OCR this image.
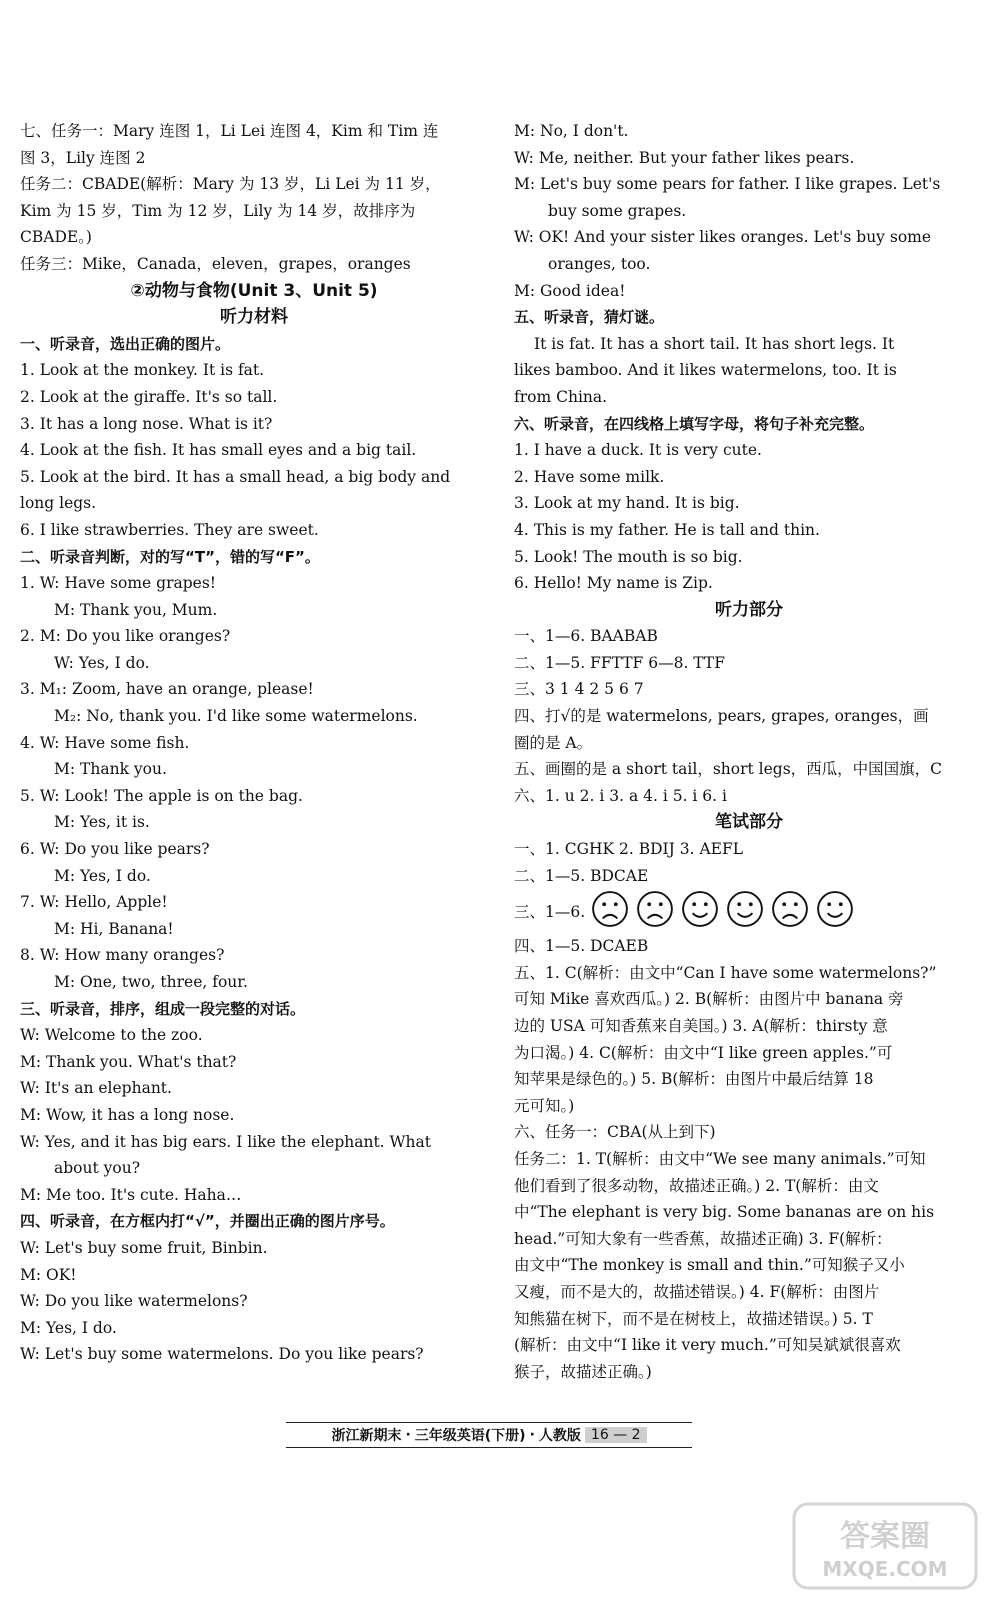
七、任务一：Mary 连图 1，Li Lei 连图 4，Kim 和 Tim 连
图 3，Lily 连图 2
任务二：CBADE(解析：Mary 为 13 岁，Li Lei 为 11 岁，
Kim 为 15 岁，Tim 为 12 岁，Lily 为 14 岁，故排序为
CBADE。)
任务三：Mike，Canada，eleven，grapes，oranges
②动物与食物(Unit 3、Unit 5)
听力材料
一、听录音，选出正确的图片。
1. Look at the monkey. It is fat.
2. Look at the giraffe. It's so tall.
3. It has a long nose. What is it?
4. Look at the fish. It has small eyes and a big tail.
5. Look at the bird. It has a small head, a big body and
long legs.
6. I like strawberries. They are sweet.
二、听录音判断，对的写“T”，错的写“F”。
1. W: Have some grapes!
M: Thank you, Mum.
2. M: Do you like oranges?
W: Yes, I do.
3. M₁: Zoom, have an orange, please!
M₂: No, thank you. I'd like some watermelons.
4. W: Have some fish.
M: Thank you.
5. W: Look! The apple is on the bag.
M: Yes, it is.
6. W: Do you like pears?
M: Yes, I do.
7. W: Hello, Apple!
M: Hi, Banana!
8. W: How many oranges?
M: One, two, three, four.
三、听录音，排序，组成一段完整的对话。
W: Welcome to the zoo.
M: Thank you. What's that?
W: It's an elephant.
M: Wow, it has a long nose.
W: Yes, and it has big ears. I like the elephant. What
about you?
M: Me too. It's cute. Haha…
四、听录音，在方框内打“√”，并圈出正确的图片序号。
W: Let's buy some fruit, Binbin.
M: OK!
W: Do you like watermelons?
M: Yes, I do.
W: Let's buy some watermelons. Do you like pears?
M: No, I don't.
W: Me, neither. But your father likes pears.
M: Let's buy some pears for father. I like grapes. Let's
buy some grapes.
W: OK! And your sister likes oranges. Let's buy some
oranges, too.
M: Good idea!
五、听录音，猜灯谜。
It is fat. It has a short tail. It has short legs. It
likes bamboo. And it likes watermelons, too. It is
from China.
六、听录音，在四线格上填写字母，将句子补充完整。
1. I have a duck. It is very cute.
2. Have some milk.
3. Look at my hand. It is big.
4. This is my father. He is tall and thin.
5. Look! The mouth is so big.
6. Hello! My name is Zip.
听力部分
一、1—6. BAABAB
二、1—5. FFTTF 6—8. TTF
三、3 1 4 2 5 6 7
四、打√的是 watermelons, pears, grapes, oranges，画
圈的是 A。
五、画圈的是 a short tail，short legs，西瓜，中国国旗，C
六、1. u 2. i 3. a 4. i 5. i 6. i
笔试部分
一、1. CGHK 2. BDIJ 3. AEFL
二、1—5. BDCAE
三、1—6.
四、1—5. DCAEB
五、1. C(解析：由文中“Can I have some watermelons?”
可知 Mike 喜欢西瓜。) 2. B(解析：由图片中 banana 旁
边的 USA 可知香蕉来自美国。) 3. A(解析：thirsty 意
为口渴。) 4. C(解析：由文中“I like green apples.”可
知苹果是绿色的。) 5. B(解析：由图片中最后结算 18
元可知。)
六、任务一：CBA(从上到下)
任务二：1. T(解析：由文中“We see many animals.”可知
他们看到了很多动物，故描述正确。) 2. T(解析：由文
中“The elephant is very big. Some bananas are on his
head.”可知大象有一些香蕉，故描述正确) 3. F(解析：
由文中“The monkey is small and thin.”可知猴子又小
又瘦，而不是大的，故描述错误。) 4. F(解析：由图片
知熊猫在树下，而不是在树枝上，故描述错误。) 5. T
(解析：由文中“I like it very much.”可知吴斌斌很喜欢
猴子，故描述正确。)
浙江新期末 · 三年级英语(下册) · 人教版 16 — 2
答案圈
MXQE.COM
